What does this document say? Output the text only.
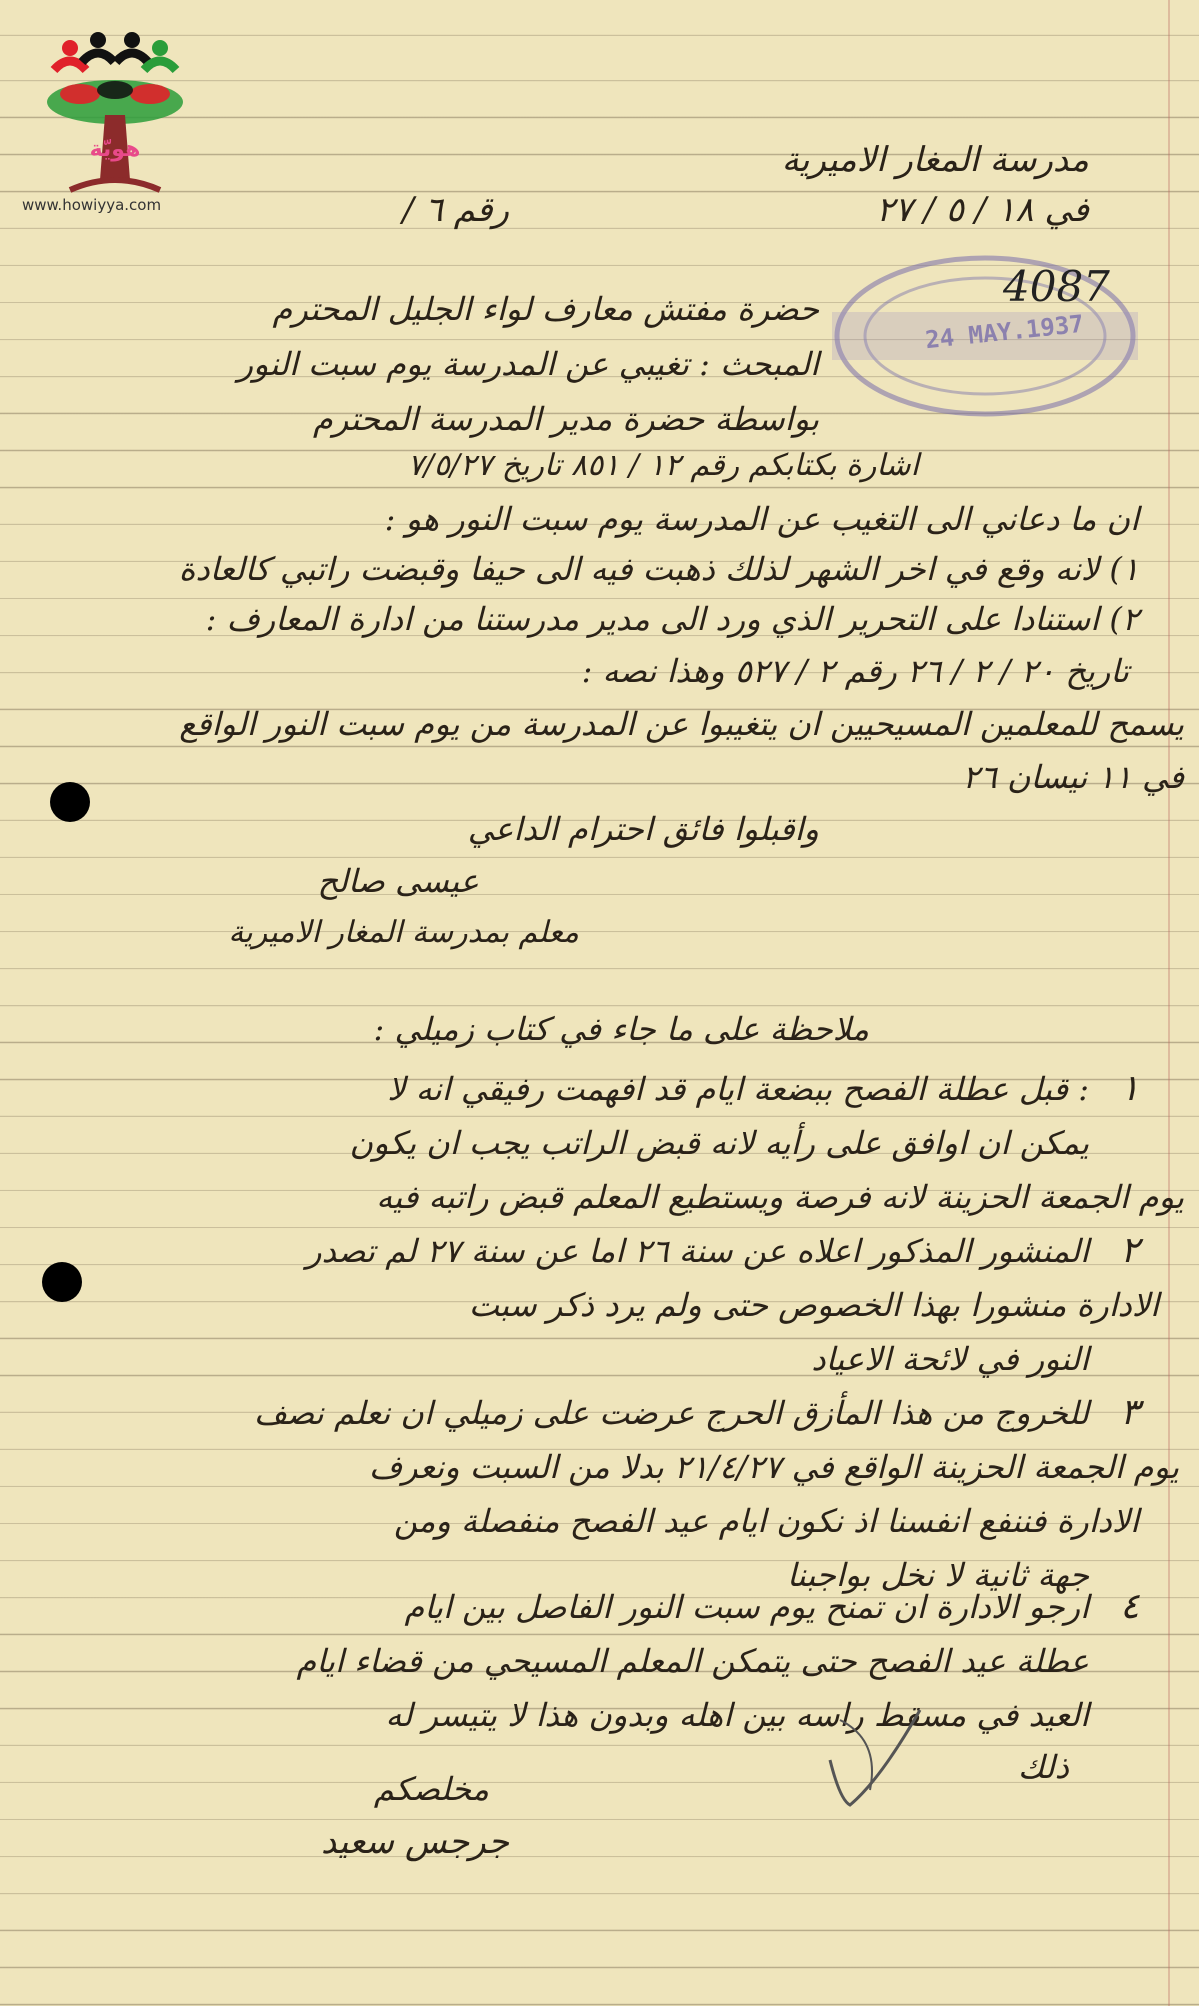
هويّة
www.howiyya.com
24 MAY.1937
4087
مدرسة المغار الاميرية
في ١٨ / ٥ / ٢٧
رقم ٦ /
حضرة مفتش معارف لواء الجليل المحترم
المبحث : تغيبي عن المدرسة يوم سبت النور
بواسطة حضرة مدير المدرسة المحترم
اشارة بكتابكم رقم ١٢ / ٨٥١ تاريخ ٧/٥/٢٧
ان ما دعاني الى التغيب عن المدرسة يوم سبت النور هو :
١) لانه وقع في اخر الشهر لذلك ذهبت فيه الى حيفا وقبضت راتبي كالعادة
٢) استنادا على التحرير الذي ورد الى مدير مدرستنا من ادارة المعارف :
تاريخ ٢٠ / ٢ / ٢٦ رقم ٢ / ٥٢٧ وهذا نصه :
يسمح للمعلمين المسيحيين ان يتغيبوا عن المدرسة من يوم سبت النور الواقع
في ١١ نيسان ٢٦
واقبلوا فائق احترام الداعي
عيسى صالح
معلم بمدرسة المغار الاميرية
ملاحظة على ما جاء في كتاب زميلي :
١
: قبل عطلة الفصح ببضعة ايام قد افهمت رفيقي انه لا
يمكن ان اوافق على رأيه لانه قبض الراتب يجب ان يكون
يوم الجمعة الحزينة لانه فرصة ويستطيع المعلم قبض راتبه فيه
٢
المنشور المذكور اعلاه عن سنة ٢٦ اما عن سنة ٢٧ لم تصدر
الادارة منشورا بهذا الخصوص حتى ولم يرد ذكر سبت
النور في لائحة الاعياد
٣
للخروج من هذا المأزق الحرج عرضت على زميلي ان نعلم نصف
يوم الجمعة الحزينة الواقع في ٢١/٤/٢٧ بدلا من السبت ونعرف
الادارة فننفع انفسنا اذ نكون ايام عيد الفصح منفصلة ومن
جهة ثانية لا نخل بواجبنا
٤
ارجو الادارة ان تمنح يوم سبت النور الفاصل بين ايام
عطلة عيد الفصح حتى يتمكن المعلم المسيحي من قضاء ايام
العيد في مسقط راسه بين اهله وبدون هذا لا يتيسر له
ذلك
مخلصكم
جرجس سعيد
